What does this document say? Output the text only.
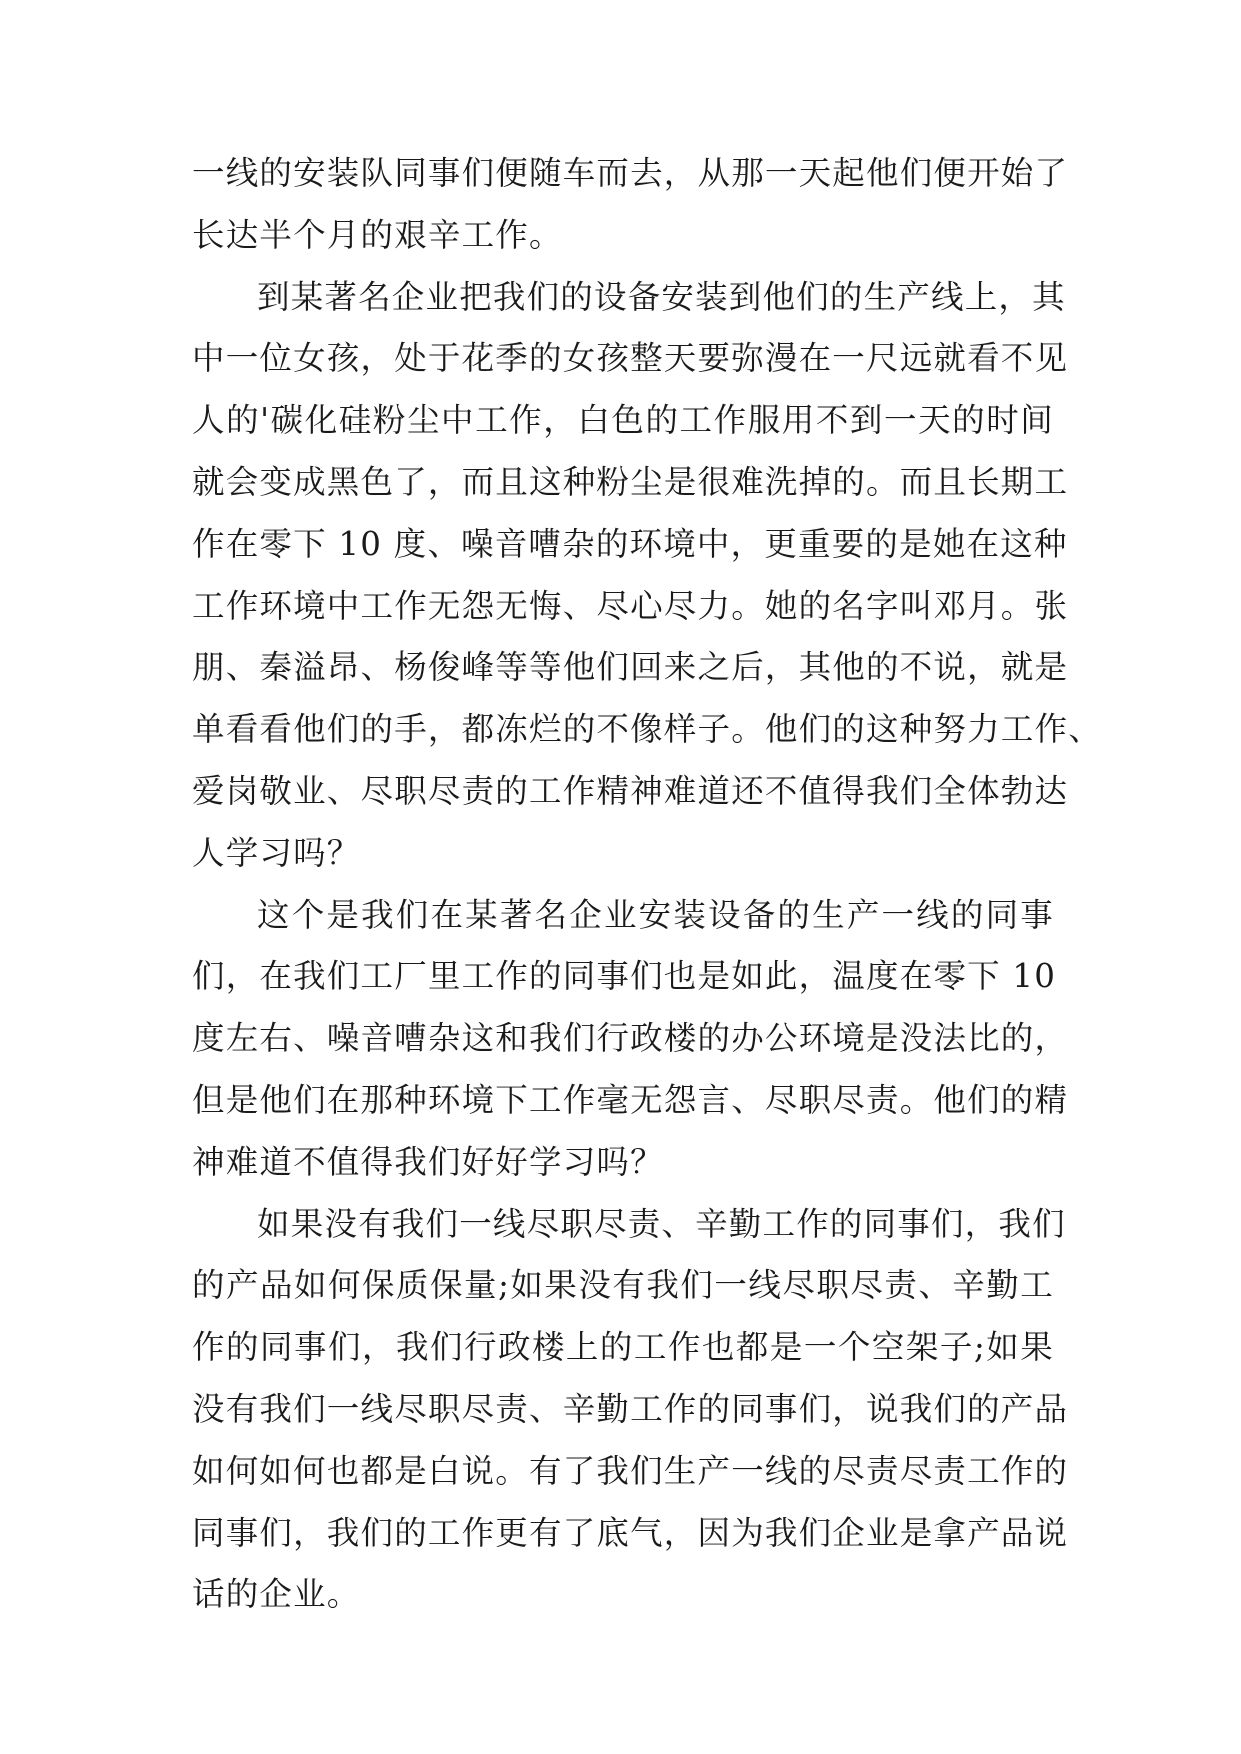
一线的安装队同事们便随车而去，从那一天起他们便开始了
长达半个月的艰辛工作。
到某著名企业把我们的设备安装到他们的生产线上，其
中一位女孩，处于花季的女孩整天要弥漫在一尺远就看不见
人的'碳化硅粉尘中工作，白色的工作服用不到一天的时间
就会变成黑色了，而且这种粉尘是很难洗掉的。而且长期工
作在零下 10 度、噪音嘈杂的环境中，更重要的是她在这种
工作环境中工作无怨无悔、尽心尽力。她的名字叫邓月。张
朋、秦溢昂、杨俊峰等等他们回来之后，其他的不说，就是
单看看他们的手，都冻烂的不像样子。他们的这种努力工作、
爱岗敬业、尽职尽责的工作精神难道还不值得我们全体勃达
人学习吗？
这个是我们在某著名企业安装设备的生产一线的同事
们，在我们工厂里工作的同事们也是如此，温度在零下 10
度左右、噪音嘈杂这和我们行政楼的办公环境是没法比的，
但是他们在那种环境下工作毫无怨言、尽职尽责。他们的精
神难道不值得我们好好学习吗？
如果没有我们一线尽职尽责、辛勤工作的同事们，我们
的产品如何保质保量;如果没有我们一线尽职尽责、辛勤工
作的同事们，我们行政楼上的工作也都是一个空架子;如果
没有我们一线尽职尽责、辛勤工作的同事们，说我们的产品
如何如何也都是白说。有了我们生产一线的尽责尽责工作的
同事们，我们的工作更有了底气，因为我们企业是拿产品说
话的企业。
